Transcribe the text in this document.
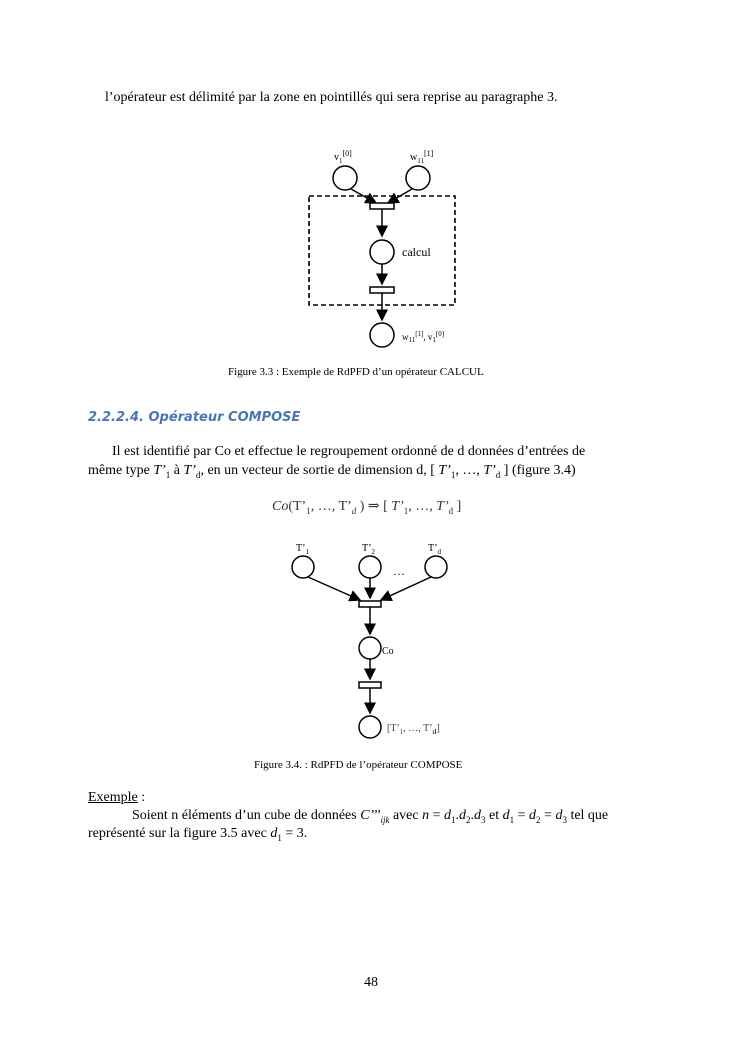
l’opérateur est délimité par la zone en pointillés qui sera reprise au paragraphe 3.
$v_1[0]$	$w_{11}[1]$
calcul
$w_{11}[1]$, $v_1[0]$
Figure 3.3 : Exemple de RdPFD d’un opérateur CALCUL
2.2.2.4. Opérateur COMPOSE
Il est identifié par Co et effectue le regroupement ordonné de d données d’entrées de
même type $T’_1$ à $T’_d$, en un vecteur de sortie de dimension d, [ $T’_1$, …, $T’_d$ ] (figure 3.4)
$Co(T’_1$, …, $T’_d$ ) ⇒ [ $T’_1$, …, $T’_d$ ]
$T’_1$	$T’_2$	$T’_d$
…
Co
[$T’_1$, …, $T’_d$]
Figure 3.4. : RdPFD de l’opérateur COMPOSE
Exemple :
Soient n éléments d’un cube de données $C’’’_{ijk}$ avec $n = d_1.d_2.d_3$ et $d_1 = d_2 = d_3$ tel que
représenté sur la figure 3.5 avec $d_1 = 3$.
48
